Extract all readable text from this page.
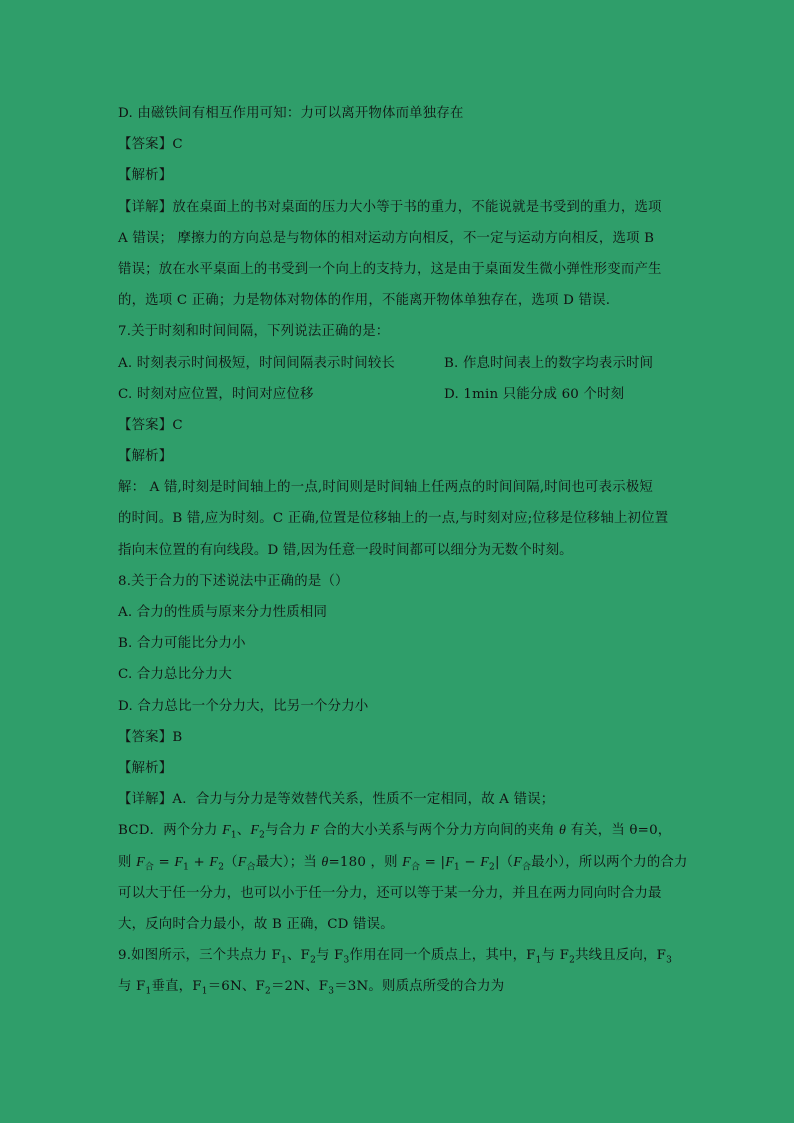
D. 由磁铁间有相互作用可知：力可以离开物体而单独存在
【答案】C
【解析】
【详解】放在桌面上的书对桌面的压力大小等于书的重力，不能说就是书受到的重力，选项
A 错误； 摩擦力的方向总是与物体的相对运动方向相反，不一定与运动方向相反，选项 B
错误；放在水平桌面上的书受到一个向上的支持力，这是由于桌面发生微小弹性形变而产生
的，选项 C 正确；力是物体对物体的作用，不能离开物体单独存在，选项 D 错误.
7.关于时刻和时间间隔，下列说法正确的是：
A. 时刻表示时间极短，时间间隔表示时间较长	B. 作息时间表上的数字均表示时间
C. 时刻对应位置，时间对应位移	D. 1min 只能分成 60 个时刻
【答案】C
【解析】
解： A 错,时刻是时间轴上的一点,时间则是时间轴上任两点的时间间隔,时间也可表示极短
的时间。B 错,应为时刻。C 正确,位置是位移轴上的一点,与时刻对应;位移是位移轴上初位置
指向末位置的有向线段。D 错,因为任意一段时间都可以细分为无数个时刻。
8.关于合力的下述说法中正确的是（）
A. 合力的性质与原来分力性质相同
B. 合力可能比分力小
C. 合力总比分力大
D. 合力总比一个分力大，比另一个分力小
【答案】B
【解析】
【详解】A．合力与分力是等效替代关系，性质不一定相同，故 A 错误；
BCD．两个分力 $F_1$、$F_2$与合力 F 合的大小关系与两个分力方向间的夹角 θ 有关，当 θ=0，
则 $F_合 = F_1 + F_2(F_合$最大）；当 θ=180 ，则 $F_合 = |F_1 - F_2|(F_合$最小），所以两个力的合力
可以大于任一分力，也可以小于任一分力，还可以等于某一分力，并且在两力同向时合力最
大，反向时合力最小，故 B 正确，CD 错误。
9.如图所示，三个共点力 $F_1$、$F_2$与 $F_3$作用在同一个质点上，其中，$F_1$与 $F_2$共线且反向，$F_3$
与 $F_1$垂直，$F_1=6N$、$F_2=2N$、$F_3=3N$。则质点所受的合力为
